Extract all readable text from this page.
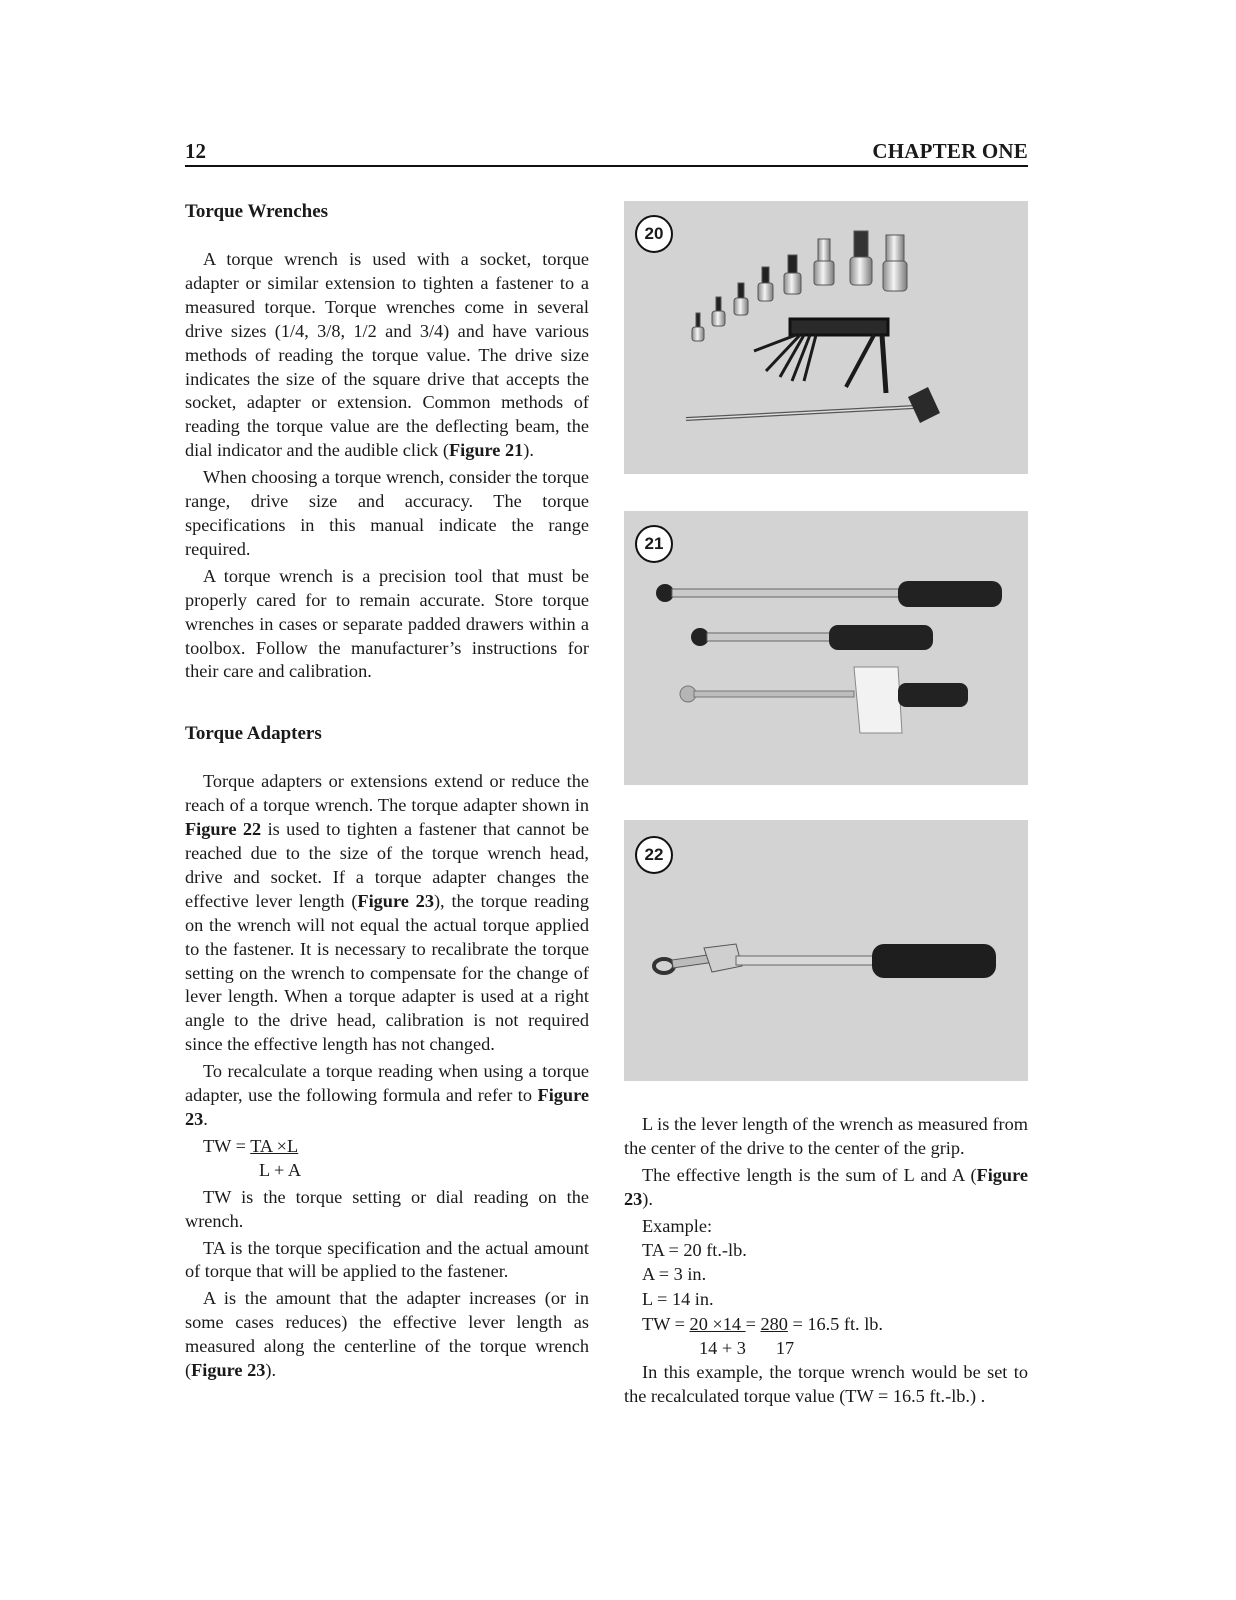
12	CHAPTER ONE
Torque Wrenches

A torque wrench is used with a socket, torque adapter or similar extension to tighten a fastener to a measured torque. Torque wrenches come in several drive sizes (1/4, 3/8, 1/2 and 3/4) and have various methods of reading the torque value. The drive size indicates the size of the square drive that accepts the socket, adapter or extension. Common methods of reading the torque value are the deflecting beam, the dial indicator and the audible click (Figure 21).

When choosing a torque wrench, consider the torque range, drive size and accuracy. The torque specifications in this manual indicate the range required.

A torque wrench is a precision tool that must be properly cared for to remain accurate. Store torque wrenches in cases or separate padded drawers within a toolbox. Follow the manufacturer’s instructions for their care and calibration.

Torque Adapters

Torque adapters or extensions extend or reduce the reach of a torque wrench. The torque adapter shown in Figure 22 is used to tighten a fastener that cannot be reached due to the size of the torque wrench head, drive and socket. If a torque adapter changes the effective lever length (Figure 23), the torque reading on the wrench will not equal the actual torque applied to the fastener. It is necessary to recalibrate the torque setting on the wrench to compensate for the change of lever length. When a torque adapter is used at a right angle to the drive head, calibration is not required since the effective length has not changed.

To recalculate a torque reading when using a torque adapter, use the following formula and refer to Figure 23.

TW = TA ×L
L + A

TW is the torque setting or dial reading on the wrench.

TA is the torque specification and the actual amount of torque that will be applied to the fastener.

A is the amount that the adapter increases (or in some cases reduces) the effective lever length as measured along the centerline of the torque wrench (Figure 23).

20
21
22

L is the lever length of the wrench as measured from the center of the drive to the center of the grip.

The effective length is the sum of L and A (Figure 23).

Example:
TA = 20 ft.-lb.
A = 3 in.
L = 14 in.
TW = 20 ×14 = 280 = 16.5 ft. lb.
14 + 3 17

In this example, the torque wrench would be set to the recalculated torque value (TW = 16.5 ft.-lb.) .
